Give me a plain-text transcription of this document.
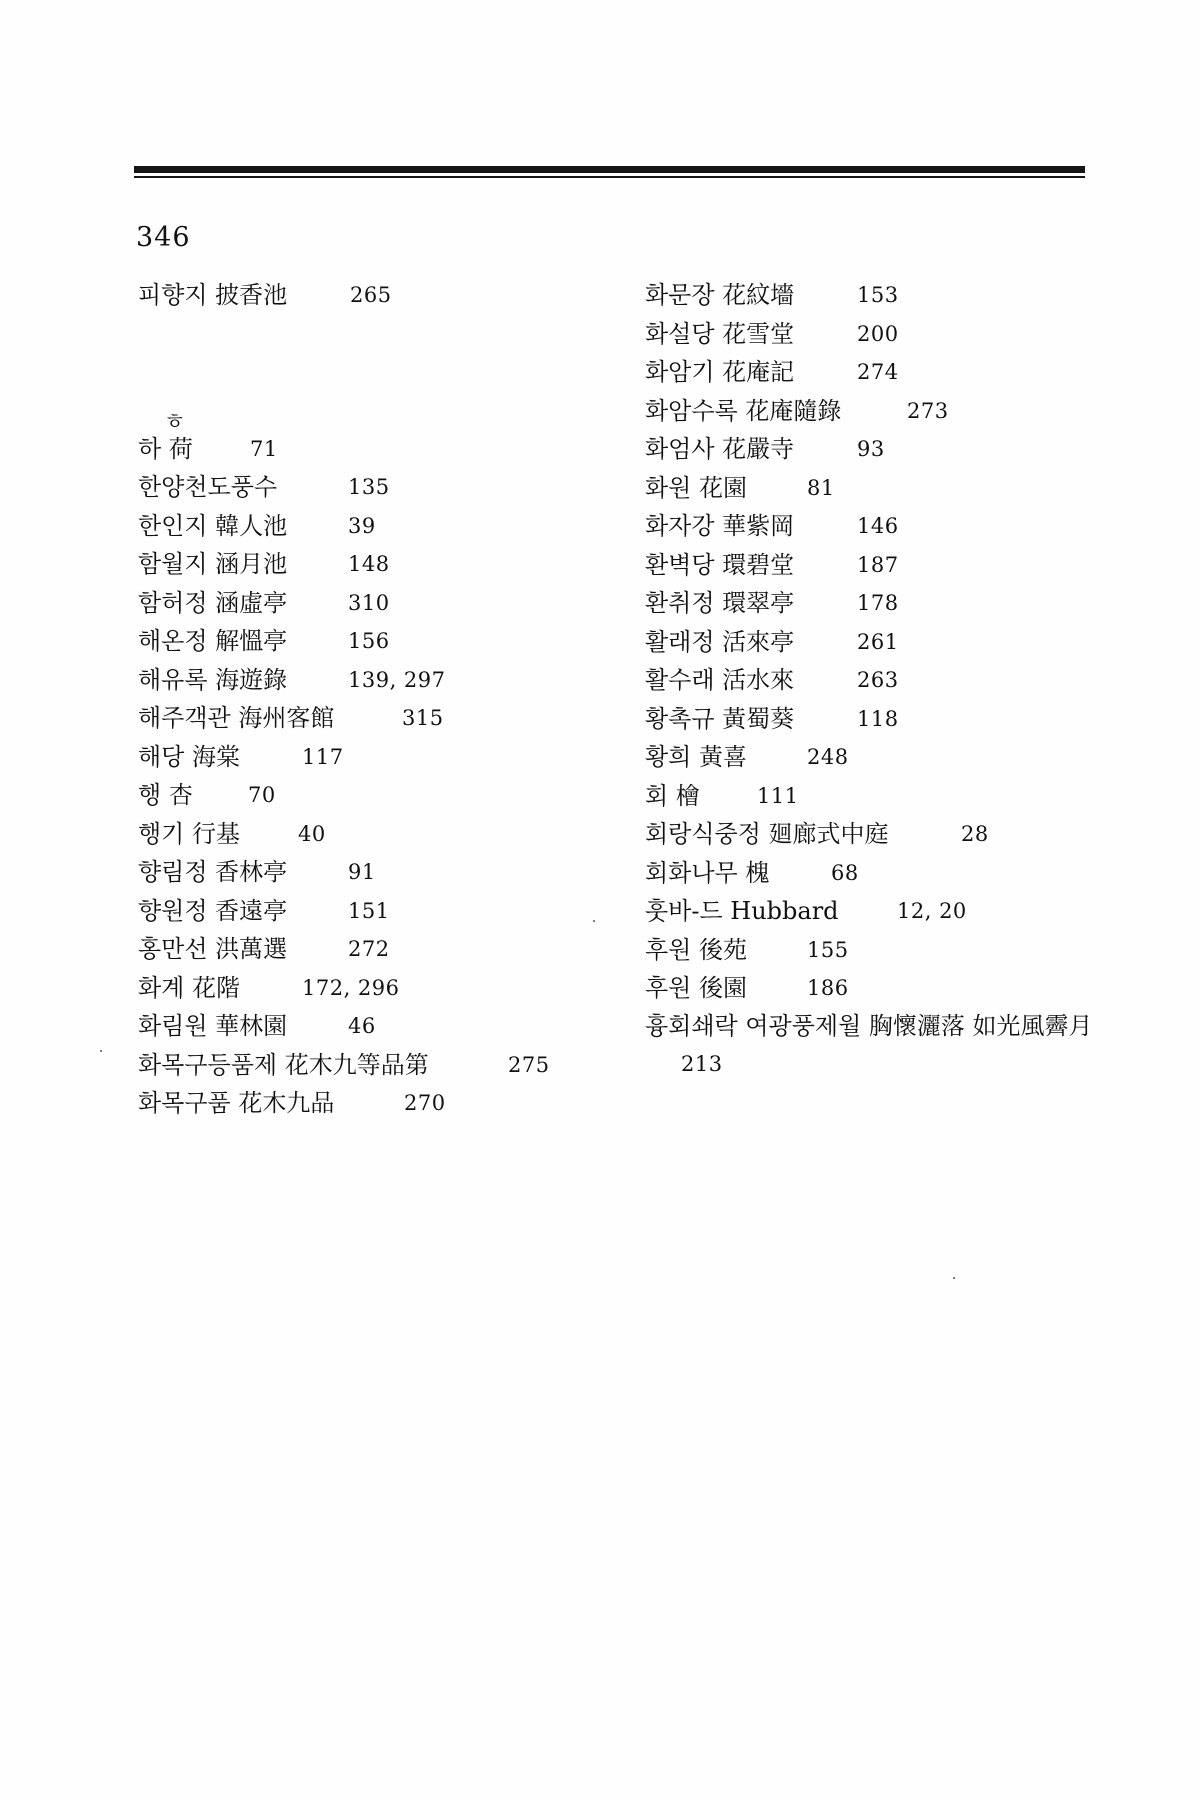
346
피향지 披香池	265
ㅎ
하 荷	71
한양천도풍수	135
한인지 韓人池	39
함월지 涵月池	148
함허정 涵虛亭	310
해온정 解慍亭	156
해유록 海遊錄	139, 297
해주객관 海州客館	315
해당 海棠	117
행 杏	70
행기 行基	40
향림정 香林亭	91
향원정 香遠亭	151
홍만선 洪萬選	272
화계 花階	172, 296
화림원 華林園	46
화목구등품제 花木九等品第	275
화목구품 花木九品	270
화문장 花紋墻	153
화설당 花雪堂	200
화암기 花庵記	274
화암수록 花庵隨錄	273
화엄사 花嚴寺	93
화원 花園	81
화자강 華紫岡	146
환벽당 環碧堂	187
환취정 環翠亭	178
활래정 活來亭	261
활수래 活水來	263
황촉규 黃蜀葵	118
황희 黃喜	248
회 檜	111
회랑식중정 廻廊式中庭	28
회화나무 槐	68
훗바-드 Hubbard	12, 20
후원 後苑	155
후원 後園	186
흉회쇄락 여광풍제월 胸懷灑落 如光風霽月 213
